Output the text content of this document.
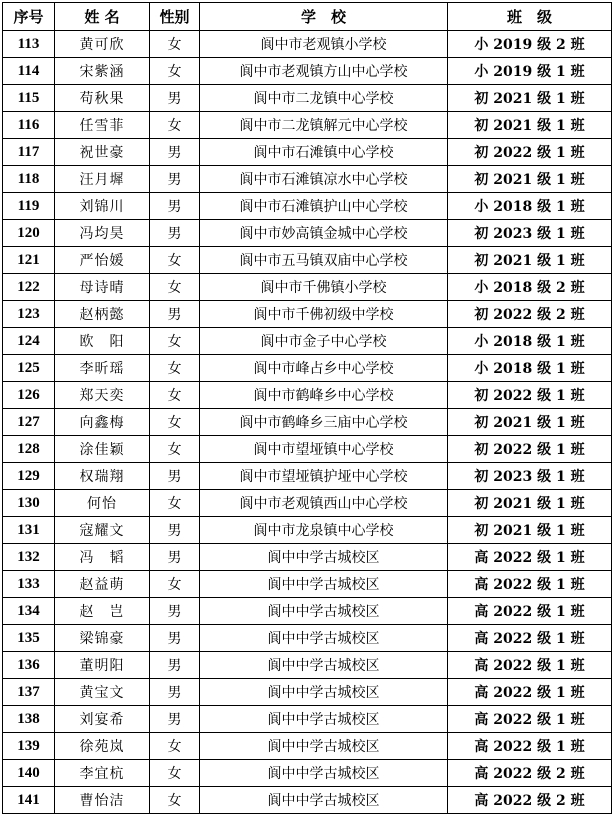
序号	姓 名	性别	学　校	班　级
113	黄可欣	女	阆中市老观镇小学校	小 2019 级 2 班
114	宋紫涵	女	阆中市老观镇方山中心学校	小 2019 级 1 班
115	苟秋果	男	阆中市二龙镇中心学校	初 2021 级 1 班
116	任雪菲	女	阆中市二龙镇解元中心学校	初 2021 级 1 班
117	祝世豪	男	阆中市石滩镇中心学校	初 2022 级 1 班
118	汪月墀	男	阆中市石滩镇凉水中心学校	初 2021 级 1 班
119	刘锦川	男	阆中市石滩镇护山中心学校	小 2018 级 1 班
120	冯均昊	男	阆中市妙高镇金城中心学校	初 2023 级 1 班
121	严怡媛	女	阆中市五马镇双庙中心学校	初 2021 级 1 班
122	母诗晴	女	阆中市千佛镇小学校	小 2018 级 2 班
123	赵柄懿	男	阆中市千佛初级中学校	初 2022 级 2 班
124	欧　阳	女	阆中市金子中心学校	小 2018 级 1 班
125	李昕瑶	女	阆中市峰占乡中心学校	小 2018 级 1 班
126	郑天奕	女	阆中市鹤峰乡中心学校	初 2022 级 1 班
127	向鑫梅	女	阆中市鹤峰乡三庙中心学校	初 2021 级 1 班
128	涂佳颖	女	阆中市望垭镇中心学校	初 2022 级 1 班
129	权瑞翔	男	阆中市望垭镇护垭中心学校	初 2023 级 1 班
130	何怡	女	阆中市老观镇西山中心学校	初 2021 级 1 班
131	寇耀文	男	阆中市龙泉镇中心学校	初 2021 级 1 班
132	冯　韬	男	阆中中学古城校区	高 2022 级 1 班
133	赵益萌	女	阆中中学古城校区	高 2022 级 1 班
134	赵　岂	男	阆中中学古城校区	高 2022 级 1 班
135	梁锦豪	男	阆中中学古城校区	高 2022 级 1 班
136	董明阳	男	阆中中学古城校区	高 2022 级 1 班
137	黄宝文	男	阆中中学古城校区	高 2022 级 1 班
138	刘宴希	男	阆中中学古城校区	高 2022 级 1 班
139	徐苑岚	女	阆中中学古城校区	高 2022 级 1 班
140	李宜杭	女	阆中中学古城校区	高 2022 级 2 班
141	曹怡洁	女	阆中中学古城校区	高 2022 级 2 班
